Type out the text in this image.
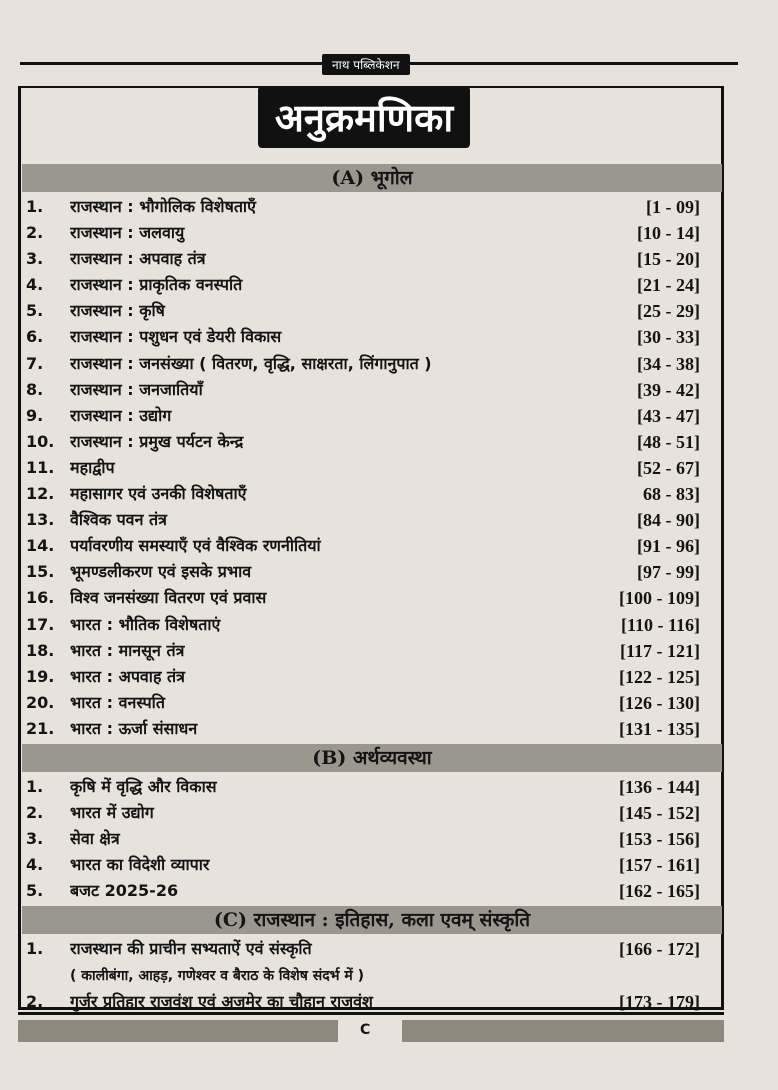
नाथ पब्लिकेशन
अनुक्रमणिका
(A) भूगोल
1.	राजस्थान : भौगोलिक विशेषताएँ	[1 - 09]
2.	राजस्थान : जलवायु	[10 - 14]
3.	राजस्थान : अपवाह तंत्र	[15 - 20]
4.	राजस्थान : प्राकृतिक वनस्पति	[21 - 24]
5.	राजस्थान : कृषि	[25 - 29]
6.	राजस्थान : पशुधन एवं डेयरी विकास	[30 - 33]
7.	राजस्थान : जनसंख्या ( वितरण, वृद्धि, साक्षरता, लिंगानुपात )	[34 - 38]
8.	राजस्थान : जनजातियाँ	[39 - 42]
9.	राजस्थान : उद्योग	[43 - 47]
10. राजस्थान : प्रमुख पर्यटन केन्द्र	[48 - 51]
11. महाद्वीप	[52 - 67]
12. महासागर एवं उनकी विशेषताएँ	68 - 83]
13. वैश्विक पवन तंत्र	[84 - 90]
14. पर्यावरणीय समस्याएँ एवं वैश्विक रणनीतियां	[91 - 96]
15. भूमण्डलीकरण एवं इसके प्रभाव	[97 - 99]
16. विश्व जनसंख्या वितरण एवं प्रवास	[100 - 109]
17. भारत : भौतिक विशेषताएं	[110 - 116]
18. भारत : मानसून तंत्र	[117 - 121]
19. भारत : अपवाह तंत्र	[122 - 125]
20. भारत : वनस्पति	[126 - 130]
21. भारत : ऊर्जा संसाधन	[131 - 135]
(B) अर्थव्यवस्था
1.	कृषि में वृद्धि और विकास	[136 - 144]
2.	भारत में उद्योग	[145 - 152]
3.	सेवा क्षेत्र	[153 - 156]
4.	भारत का विदेशी व्यापार	[157 - 161]
5.	बजट 2025-26	[162 - 165]
(C) राजस्थान : इतिहास, कला एवम् संस्कृति
1.	राजस्थान की प्राचीन सभ्यताऐं एवं संस्कृति	[166 - 172]
( कालीबंगा, आहड़, गणेश्वर व बैराठ के विशेष संदर्भ में )
2.	गुर्जर प्रतिहार राजवंश एवं अजमेर का चौहान राजवंश	[173 - 179]
C
